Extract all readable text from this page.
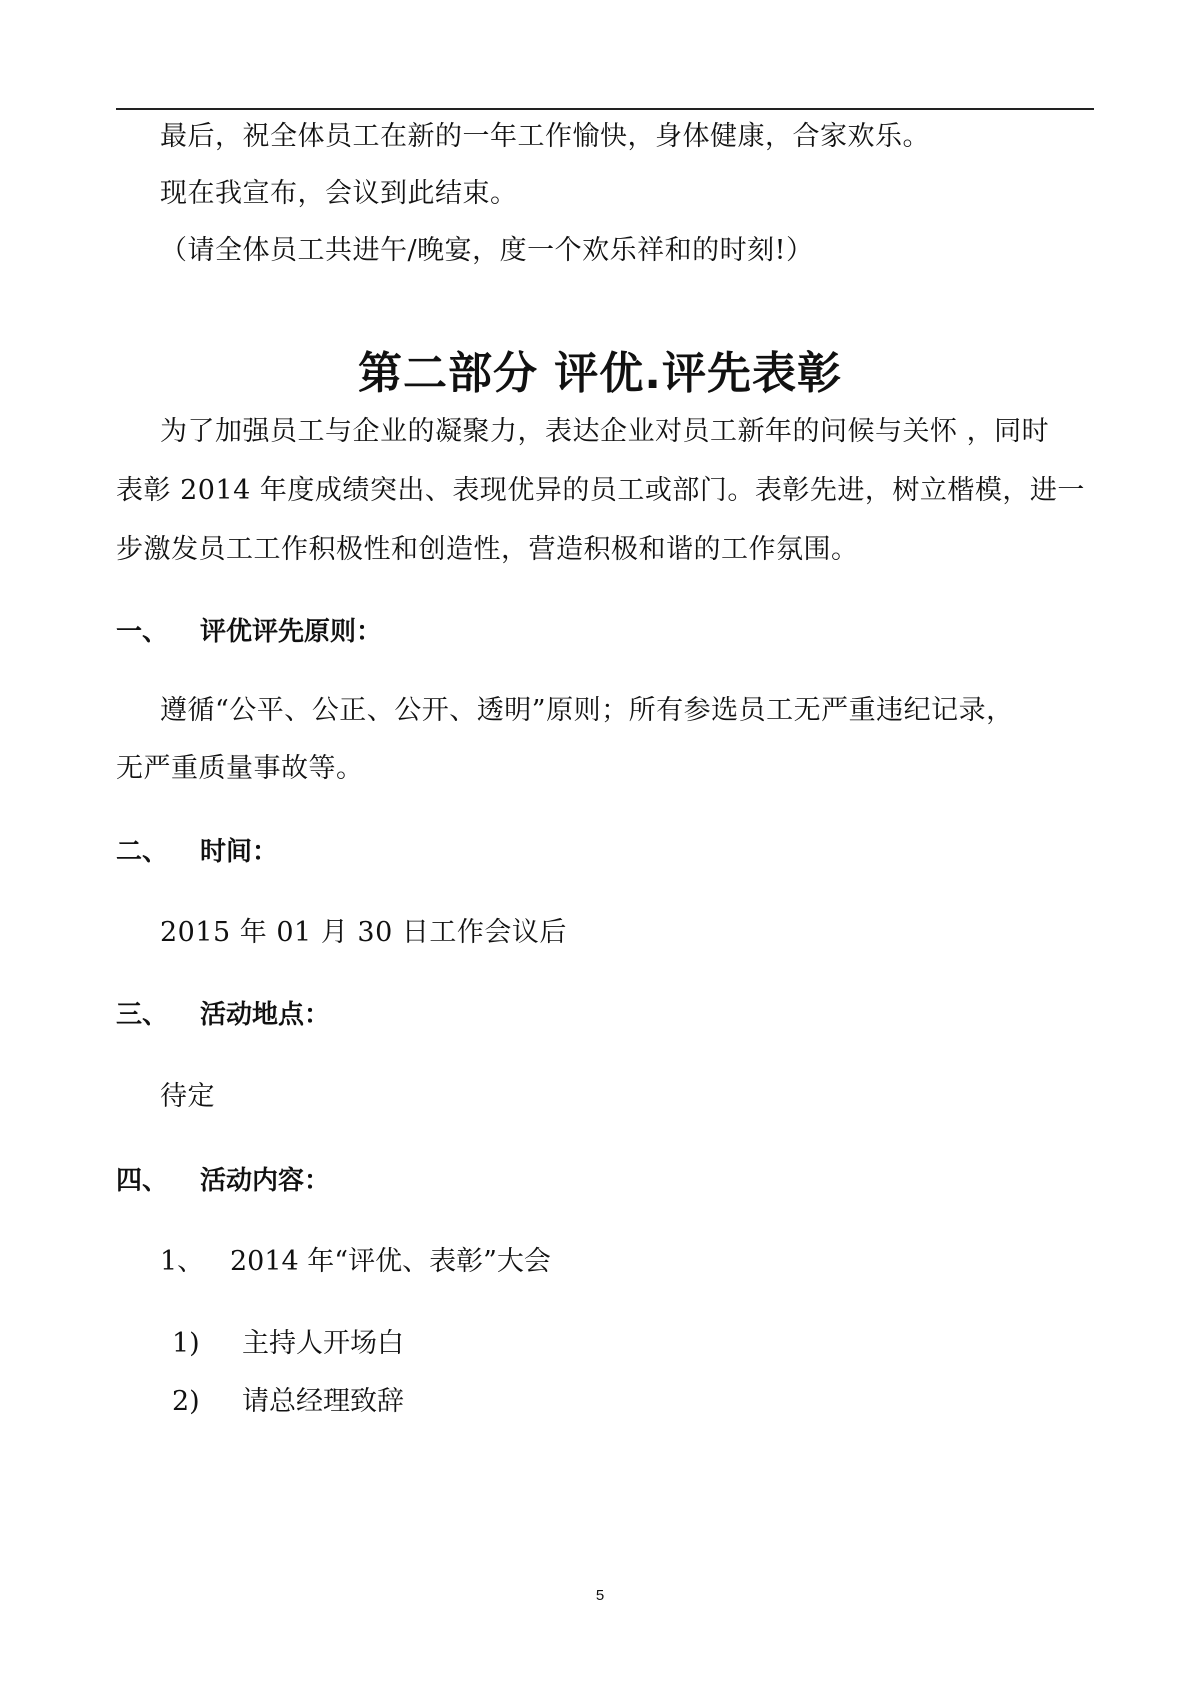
最后，祝全体员工在新的一年工作愉快，身体健康，合家欢乐。
现在我宣布，会议到此结束。
（请全体员工共进午/晚宴，度一个欢乐祥和的时刻!）
第二部分 评优.评先表彰
为了加强员工与企业的凝聚力，表达企业对员工新年的问候与关怀 ，同时
表彰 2014 年度成绩突出、表现优异的员工或部门。表彰先进，树立楷模，进一
步激发员工工作积极性和创造性，营造积极和谐的工作氛围。
一、 评优评先原则：
遵循“公平、公正、公开、透明”原则；所有参选员工无严重违纪记录，
无严重质量事故等。
二、 时间：
2015 年 01 月 30 日工作会议后
三、 活动地点：
待定
四、 活动内容：
1、 2014 年“评优、表彰”大会
1) 主持人开场白
2) 请总经理致辞
5
